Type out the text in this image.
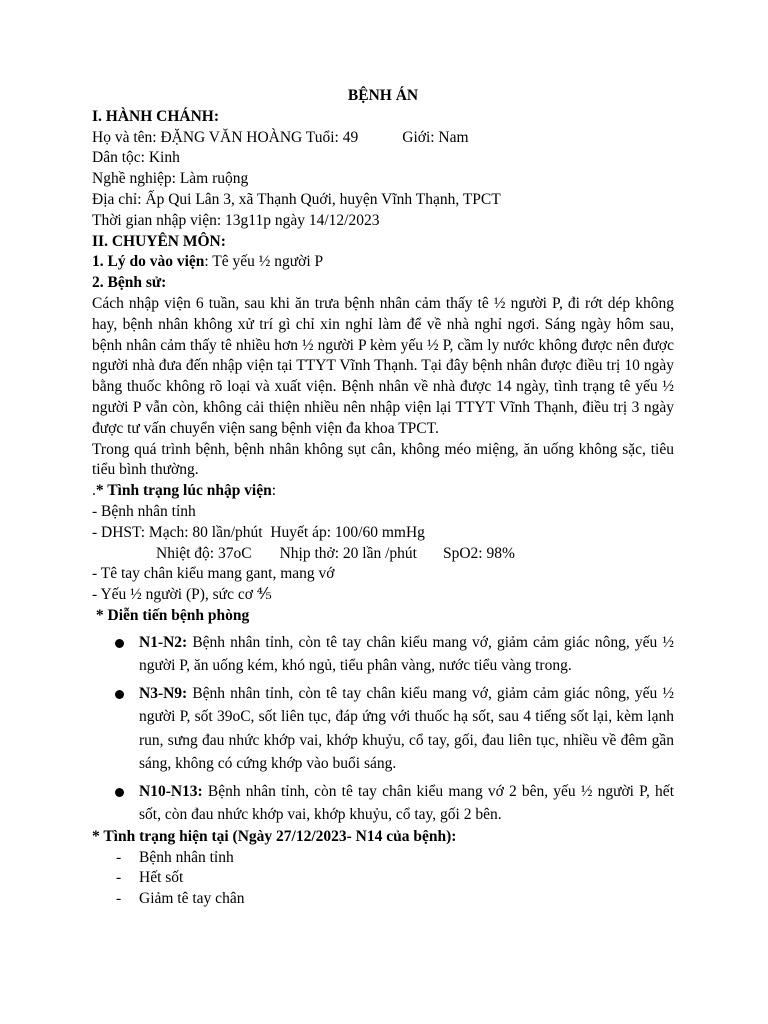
BỆNH ÁN

I. HÀNH CHÁNH:

Họ và tên: ĐẶNG VĂN HOÀNG Tuổi: 49	Giới: Nam

Dân tộc: Kinh

Nghề nghiệp: Làm ruộng

Địa chỉ: Ấp Qui Lân 3, xã Thạnh Quới, huyện Vĩnh Thạnh, TPCT

Thời gian nhập viện: 13g11p ngày 14/12/2023

II. CHUYÊN MÔN:

1. Lý do vào viện: Tê yếu ½ người P

2. Bệnh sử:

Cách nhập viện 6 tuần, sau khi ăn trưa bệnh nhân cảm thấy tê ½ người P, đi rớt dép không hay, bệnh nhân không xử trí gì chỉ xin nghỉ làm để về nhà nghỉ ngơi. Sáng ngày hôm sau, bệnh nhân cảm thấy tê nhiều hơn ½ người P kèm yếu ½ P, cầm ly nước không được nên được người nhà đưa đến nhập viện tại TTYT Vĩnh Thạnh. Tại đây bệnh nhân được điều trị 10 ngày bằng thuốc không rõ loại và xuất viện. Bệnh nhân về nhà được 14 ngày, tình trạng tê yếu ½ người P vẫn còn, không cải thiện nhiều nên nhập viện lại TTYT Vĩnh Thạnh, điều trị 3 ngày được tư vấn chuyển viện sang bệnh viện đa khoa TPCT.

Trong quá trình bệnh, bệnh nhân không sụt cân, không méo miệng, ăn uống không sặc, tiêu tiểu bình thường.

.* Tình trạng lúc nhập viện:

- Bệnh nhân tỉnh

- DHST: Mạch: 80 lần/phút Huyết áp: 100/60 mmHg

Nhiệt độ: 37oC Nhịp thở: 20 lần /phút SpO2: 98%

- Tê tay chân kiểu mang gant, mang vớ

- Yếu ½ người (P), sức cơ ⅘

* Diễn tiến bệnh phòng

N1-N2: Bệnh nhân tỉnh, còn tê tay chân kiểu mang vớ, giảm cảm giác nông, yếu ½ người P, ăn uống kém, khó ngủ, tiểu phân vàng, nước tiểu vàng trong.
N3-N9: Bệnh nhân tỉnh, còn tê tay chân kiểu mang vớ, giảm cảm giác nông, yếu ½ người P, sốt 39oC, sốt liên tục, đáp ứng với thuốc hạ sốt, sau 4 tiếng sốt lại, kèm lạnh run, sưng đau nhức khớp vai, khớp khuỷu, cổ tay, gối, đau liên tục, nhiều về đêm gần sáng, không có cứng khớp vào buổi sáng.
N10-N13: Bệnh nhân tỉnh, còn tê tay chân kiểu mang vớ 2 bên, yếu ½ người P, hết sốt, còn đau nhức khớp vai, khớp khuỷu, cổ tay, gối 2 bên.

* Tình trạng hiện tại (Ngày 27/12/2023- N14 của bệnh):

- Bệnh nhân tỉnh
- Hết sốt
- Giảm tê tay chân
